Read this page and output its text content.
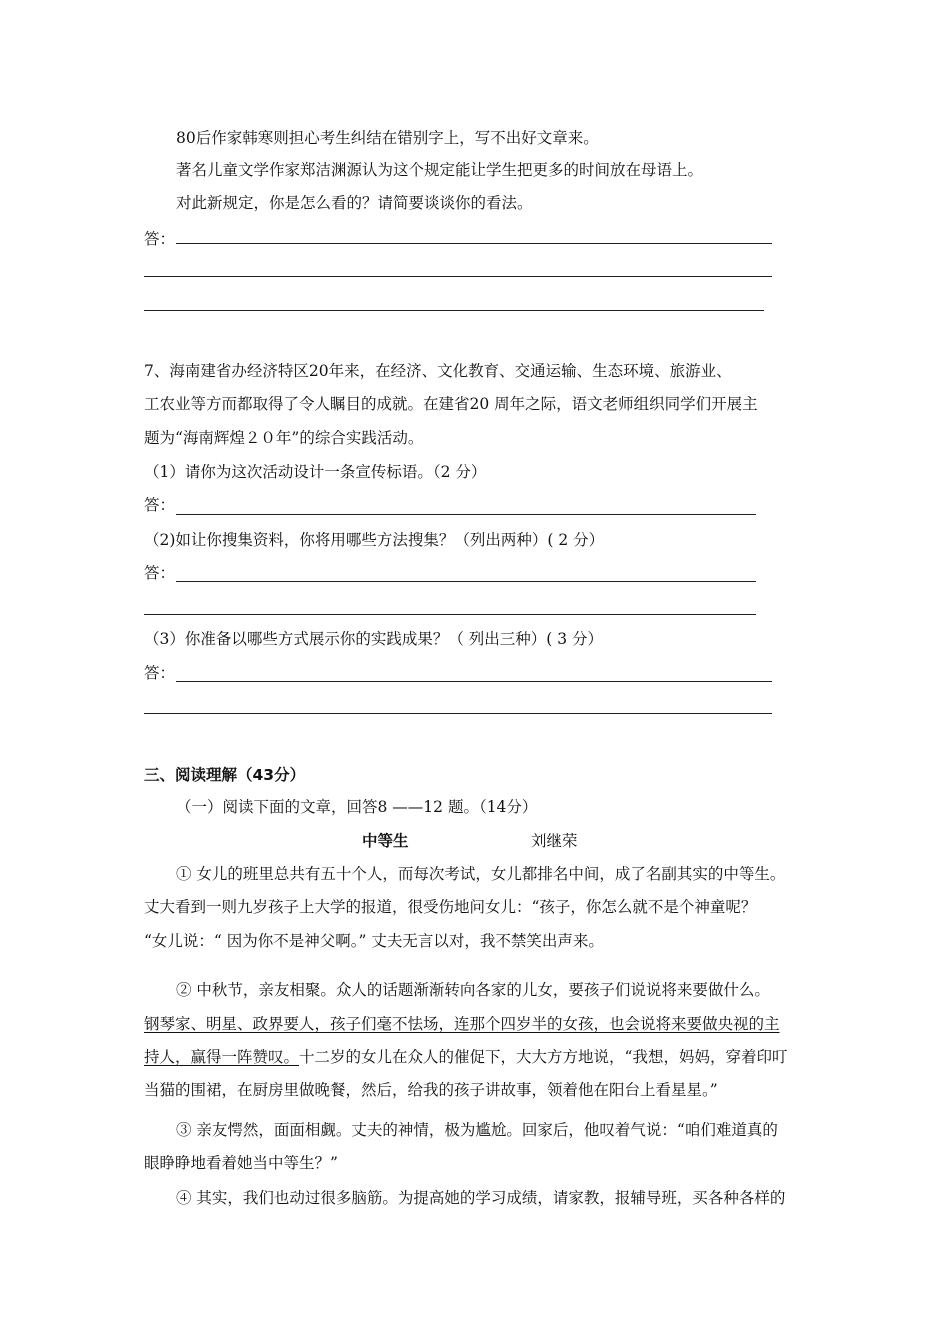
80后作家韩寒则担心考生纠结在错别字上，写不出好文章来。
著名儿童文学作家郑洁渊源认为这个规定能让学生把更多的时间放在母语上。
对此新规定，你是怎么看的？请简要谈谈你的看法。
答：
7、海南建省办经济特区20年来，在经济、文化教育、交通运输、生态环境、旅游业、
工农业等方而都取得了令人瞩目的成就。在建省20 周年之际，语文老师组织同学们开展主
题为“海南辉煌２０年”的综合实践活动。
（1）请你为这次活动设计一条宣传标语。（2 分）
答：
（2)如让你搜集资料，你将用哪些方法搜集？（列出两种）( 2 分）
答：
（3）你准备以哪些方式展示你的实践成果？（ 列出三种）( 3 分）
答：
三、阅读理解（43分）
（一）阅读下面的文章，回答8 ——12 题。（14分）
中等生	刘继荣
① 女儿的班里总共有五十个人，而每次考试，女儿都排名中间，成了名副其实的中等生。
丈大看到一则九岁孩子上大学的报道，很受伤地问女儿：“孩子，你怎么就不是个神童呢？
“女儿说：“ 因为你不是神父啊。” 丈夫无言以对，我不禁笑出声来。
② 中秋节，亲友相聚。众人的话题渐渐转向各家的儿女，要孩子们说说将来要做什么。
钢琴家、明星、政界要人，孩子们毫不怯场，连那个四岁半的女孩，也会说将来要做央视的主
持人，赢得一阵赞叹。十二岁的女儿在众人的催促下，大大方方地说，“我想，妈妈，穿着印叮
当猫的围裙，在厨房里做晚餐，然后，给我的孩子讲故事，领着他在阳台上看星星。”
③ 亲友愕然，面面相觑。丈夫的神情，极为尴尬。回家后，他叹着气说：“咱们难道真的
眼睁睁地看着她当中等生？”
④ 其实，我们也动过很多脑筋。为提高她的学习成绩，请家教，报辅导班，买各种各样的
